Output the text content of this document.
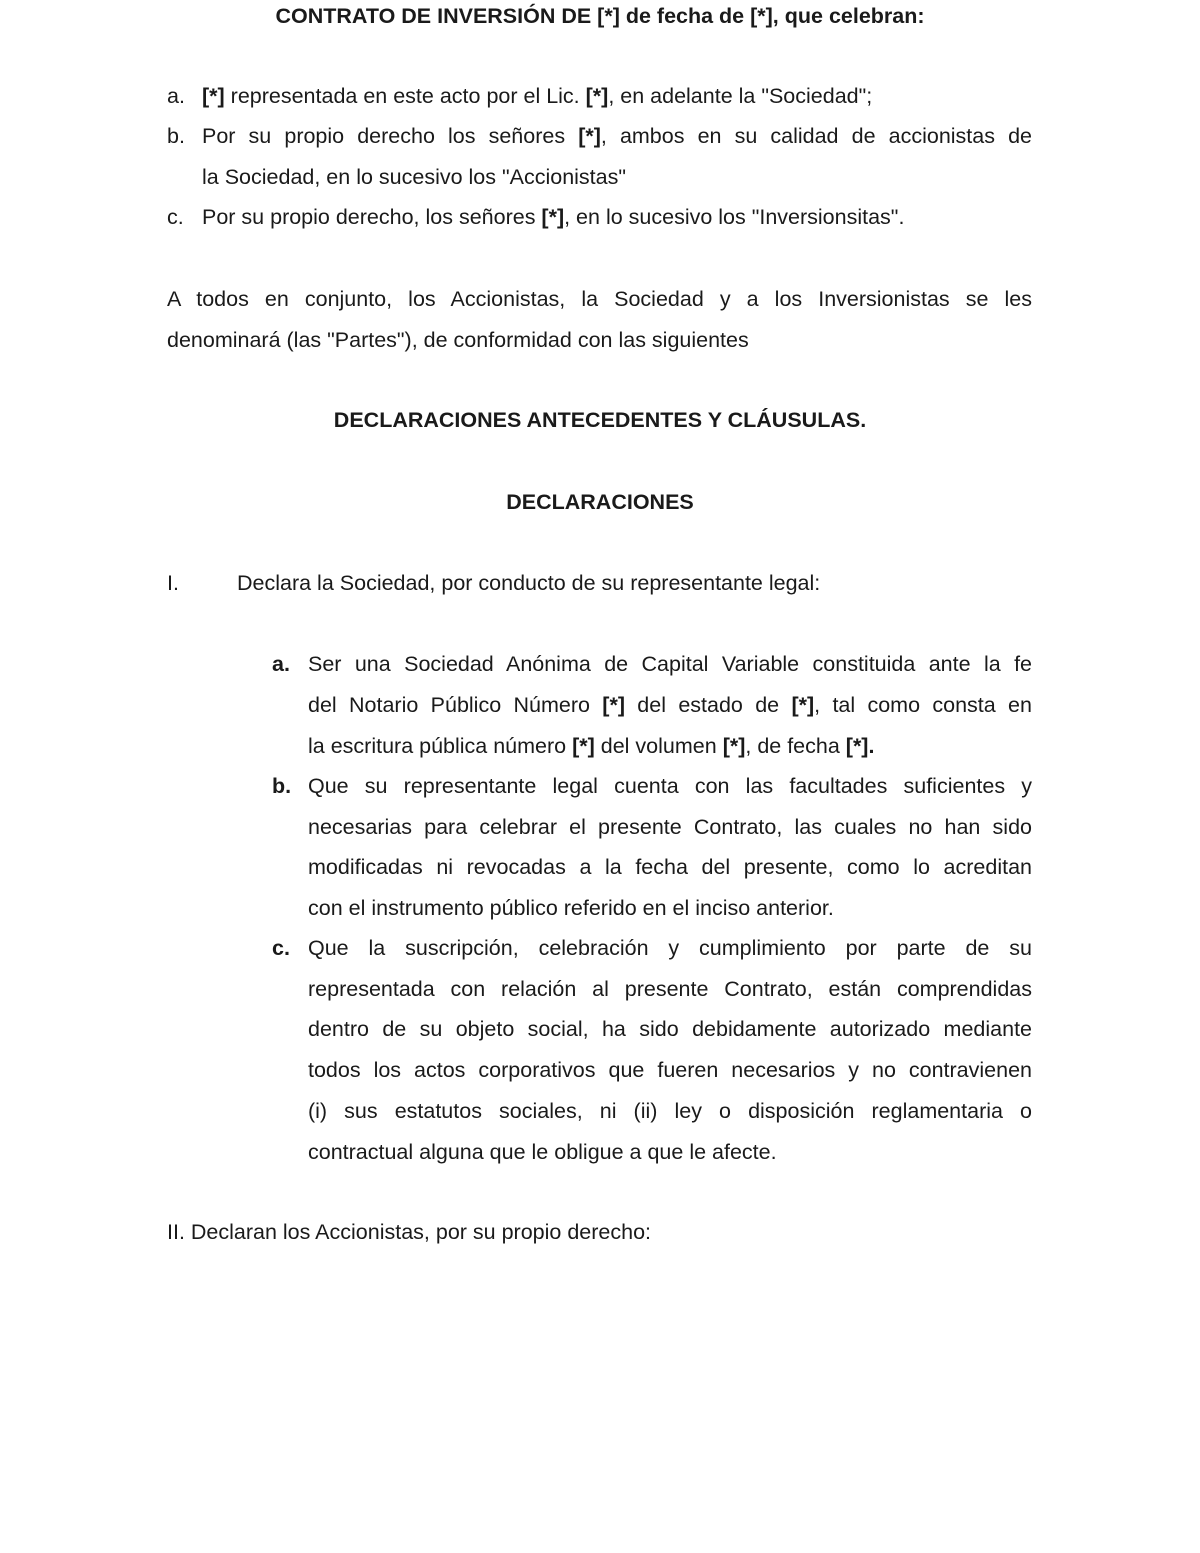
CONTRATO DE INVERSIÓN DE [*] de fecha de [*], que celebran:
a. [*] representada en este acto por el Lic. [*], en adelante la "Sociedad";
b. Por su propio derecho los señores [*], ambos en su calidad de accionistas de
la Sociedad, en lo sucesivo los "Accionistas"
c. Por su propio derecho, los señores [*], en lo sucesivo los "Inversionsitas".
A todos en conjunto, los Accionistas, la Sociedad y a los Inversionistas se les
denominará (las "Partes"), de conformidad con las siguientes
DECLARACIONES ANTECEDENTES Y CLÁUSULAS.
DECLARACIONES
I.	Declara la Sociedad, por conducto de su representante legal:
a. Ser una Sociedad Anónima de Capital Variable constituida ante la fe
del Notario Público Número [*] del estado de [*], tal como consta en
la escritura pública número [*] del volumen [*], de fecha [*].
b. Que su representante legal cuenta con las facultades suficientes y
necesarias para celebrar el presente Contrato, las cuales no han sido
modificadas ni revocadas a la fecha del presente, como lo acreditan
con el instrumento público referido en el inciso anterior.
c. Que la suscripción, celebración y cumplimiento por parte de su
representada con relación al presente Contrato, están comprendidas
dentro de su objeto social, ha sido debidamente autorizado mediante
todos los actos corporativos que fueren necesarios y no contravienen
(i) sus estatutos sociales, ni (ii) ley o disposición reglamentaria o
contractual alguna que le obligue a que le afecte.
II. Declaran los Accionistas, por su propio derecho:
